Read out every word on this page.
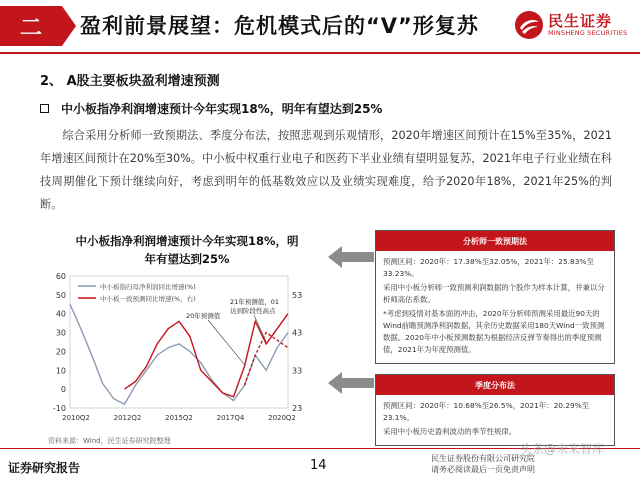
二	盈利前景展望：危机模式后的“V”形复苏	民生证券
MINSHENG SECURITIES
2、 A股主要板块盈利增速预测
中小板指净利润增速预计今年实现18%，明年有望达到25%
综合采用分析师一致预期法、季度分布法，按照悲观到乐观情形，2020年增速区间预计在15%至35%，2021年增速区间预计在20%至30%。中小板中权重行业电子和医药下半业业绩有望明显复苏，2021年电子行业业绩在科技周期催化下预计继续向好，考虑到明年的低基数效应以及业绩实现难度，给予2020年18%，2021年25%的判断。
中小板指净利润增速预计今年实现18%，明年有望达到25%
-10
0
10
20
30
40
50
60
23
33
43
53
2010Q2	2012Q2	2015Q2	2017Q4	2020Q2
中小板指归母净利润同比增速(%)
中小板一致预测同比增速(%，右)	21年预测值，01
达到阶段性高点
20年预测值
资料来源：Wind，民生证券研究院整理
分析师一致预期法

预测区间：2020年：17.38%至32.05%，2021年：25.83%至33.23%。

采用中小板分析师一致预测利润数据的个股作为样本计算，并兼以分析师高估系数。

*考虑到疫情对基本面的冲击，2020年分析师预测采用最近90天的Wind前瞻预测净利润数据，其余历史数据采用180天Wind一致预测数据。2020年中小板预测数据为根据经济反弹节奏得出的季度预测值，2021年为年度预测值。

季度分布法

预测区间：2020年：10.68%至26.5%，2021年：20.29%至23.1%。

采用中小板历史盈利波动的季节性规律。

证券研究报告	14	民生证券股份有限公司研究院
请务必阅读最后一页免责声明
头条@未来智库
